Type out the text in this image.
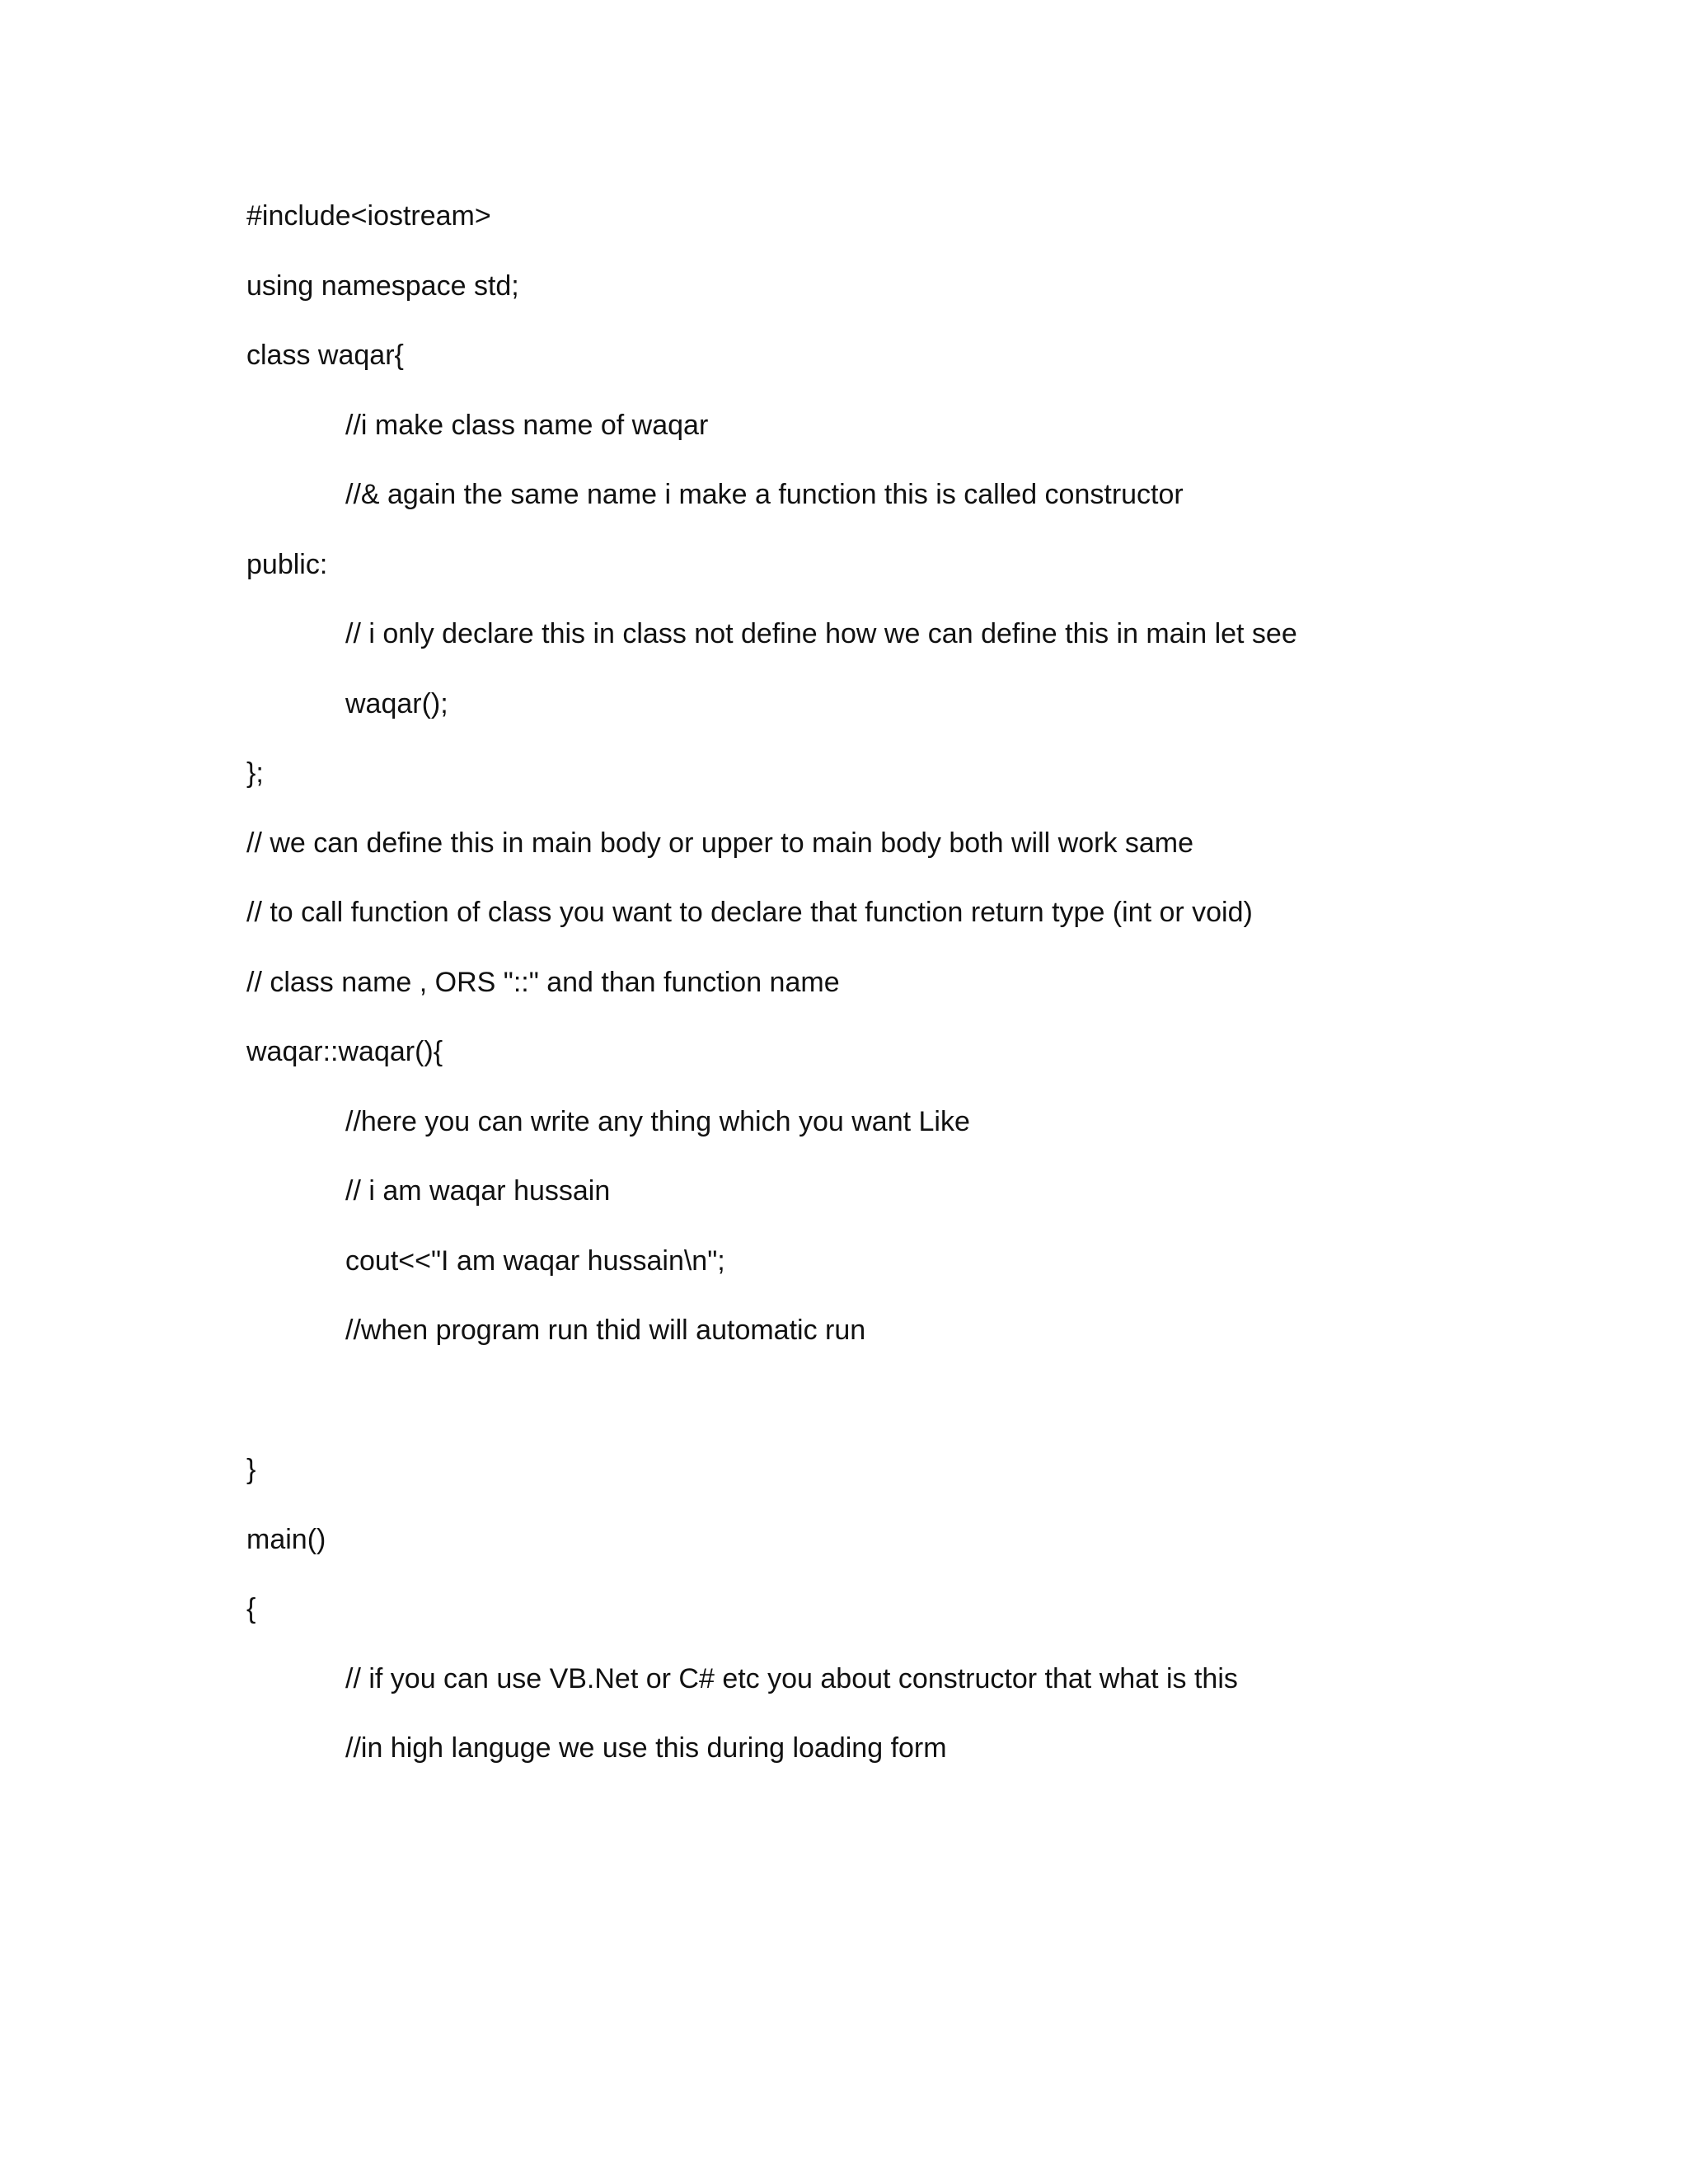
#include<iostream>
using namespace std;
class waqar{
//i make class name of waqar
//& again the same name i make a function this is called constructor
public:
// i only declare this in class not define how we can define this in main let see
waqar();
};
// we can define this in main body or upper to main body both will work same
// to call function of class you want to declare that function return type (int or void)
// class name , ORS "::" and than function name
waqar::waqar(){
//here you can write any thing which you want Like
// i am waqar hussain
cout<<"I am waqar hussain\n";
//when program run thid will automatic run
}
main()
{
// if you can use VB.Net or C# etc you about constructor that what is this
//in high languge we use this during loading form
